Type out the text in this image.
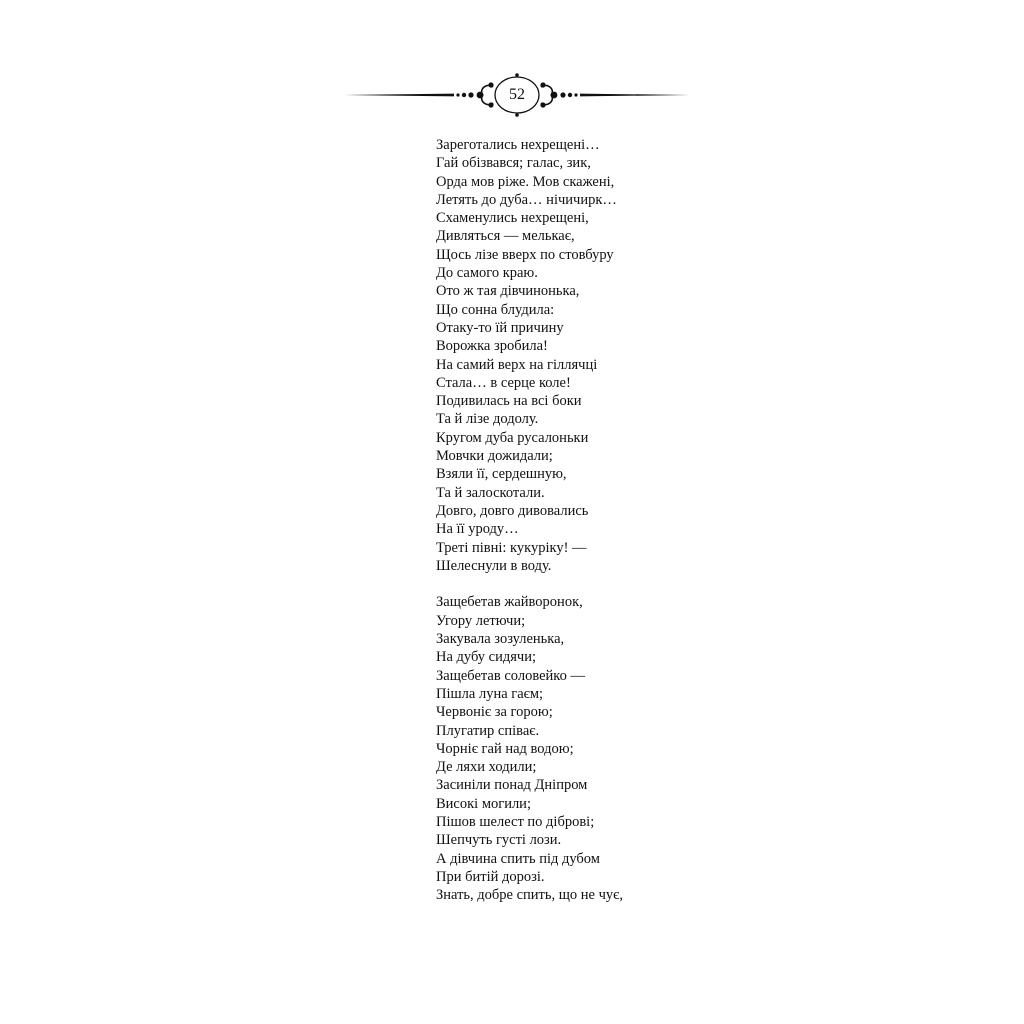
52
Зареготались нехрещені…
Гай обізвався; галас, зик,
Орда мов ріже. Мов скажені,
Летять до дуба… нічичирк…
Схаменулись нехрещені,
Дивляться — мелькає,
Щось лізе вверх по стовбуру
До самого краю.
Ото ж тая дівчинонька,
Що сонна блудила:
Отаку-то їй причину
Ворожка зробила!
На самий верх на гіллячці
Стала… в серце коле!
Подивилась на всі боки
Та й лізе додолу.
Кругом дуба русалоньки
Мовчки дожидали;
Взяли її, сердешную,
Та й залоскотали.
Довго, довго дивовались
На її уроду…
Треті півні: кукуріку! —
Шелеснули в воду.
Защебетав жайворонок,
Угору летючи;
Закувала зозуленька,
На дубу сидячи;
Защебетав соловейко —
Пішла луна гаєм;
Червоніє за горою;
Плугатир співає.
Чорніє гай над водою;
Де ляхи ходили;
Засиніли понад Дніпром
Високі могили;
Пішов шелест по діброві;
Шепчуть густі лози.
А дівчина спить під дубом
При битій дорозі.
Знать, добре спить, що не чує,
